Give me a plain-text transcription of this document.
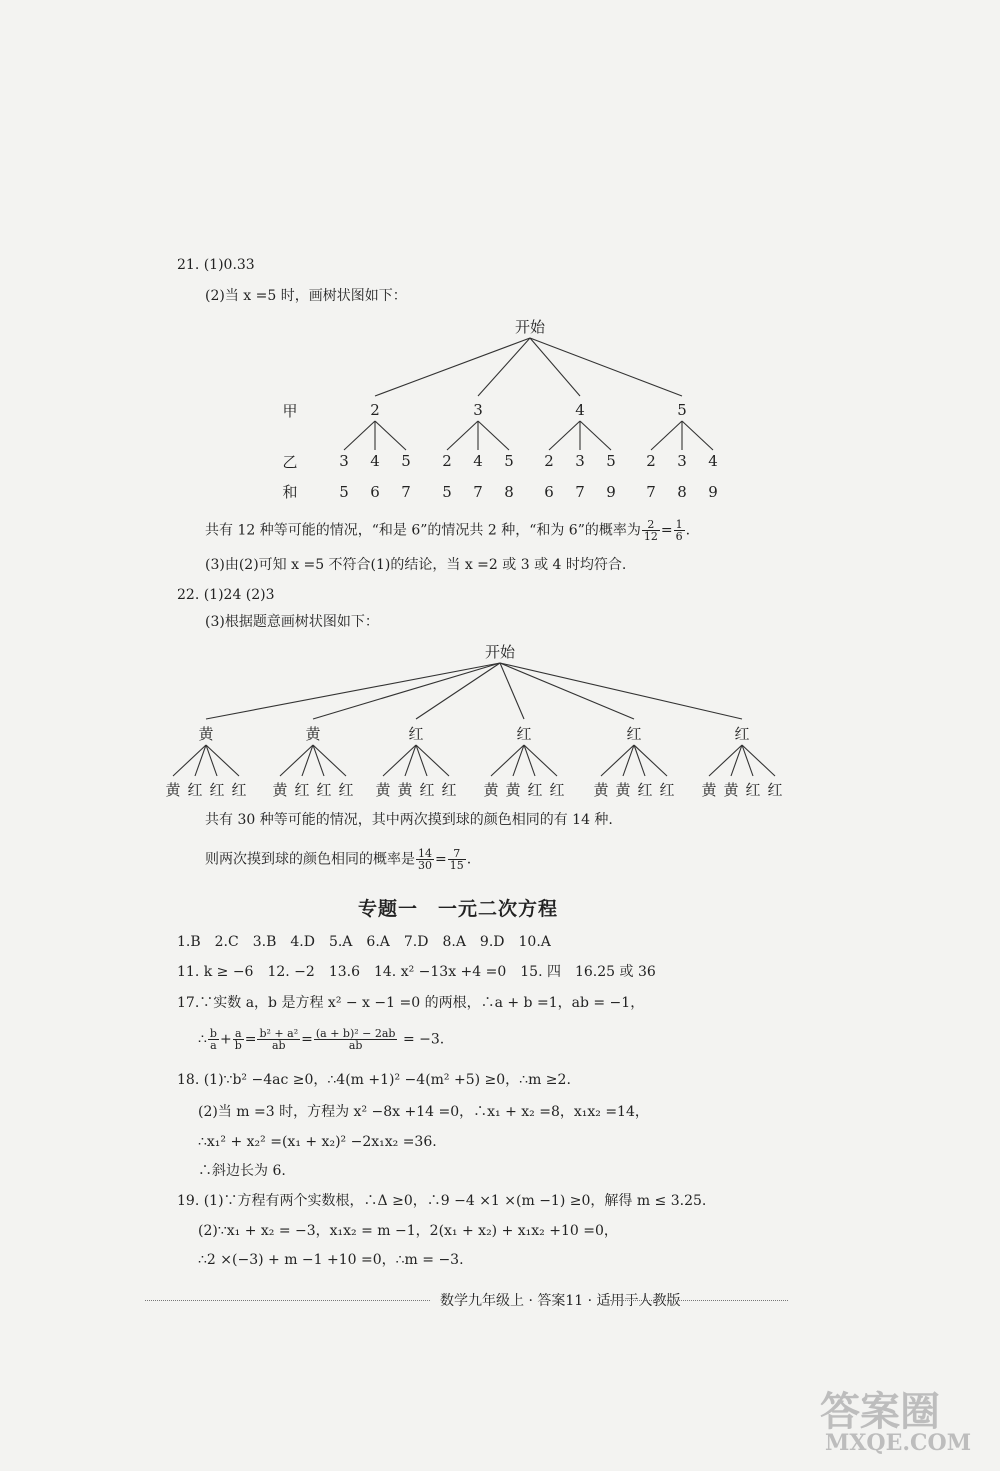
21. (1)0.33
(2)当 x =5 时，画树状图如下：
开始
甲
乙
和
2
3
5
4
6
5
7
3
2
5
4
7
5
8
4
2
6
3
7
5
9
5
2
7
3
8
4
9
共有 12 种等可能的情况，“和是 6”的情况共 2 种，“和为 6”的概率为 $\frac{2}{12} = \frac{1}{6}$ .
(3)由(2)可知 x =5 不符合(1)的结论，当 x =2 或 3 或 4 时均符合.
22. (1)24 (2)3
(3)根据题意画树状图如下：
开始
黄
黄 红 红 红
黄
黄 红 红 红
红
黄 黄 红 红
红
黄 黄 红 红
红
黄 黄 红 红
红
黄 黄 红 红
共有 30 种等可能的情况，其中两次摸到球的颜色相同的有 14 种.
则两次摸到球的颜色相同的概率是 $\frac{14}{30} = \frac{7}{15}$ .
专题一　一元二次方程
1.B　2.C　3.B　4.D　5.A　6.A　7.D　8.A　9.D　10.A
11. k ≥ −6　12. −2　13.6　14. x² −13x +4 =0　15. 四　16.25 或 36
17.∵实数 a，b 是方程 x² − x −1 =0 的两根，∴a + b =1，ab = −1，
∴ $\frac{b}{a} + \frac{a}{b} = \frac{\text{b² + a²}}{ab} = \frac{\text{(a + b)² − 2ab}}{ab} = -3$.
18. (1)∵b² −4ac ≥0，∴4(m +1)² −4(m² +5) ≥0，∴m ≥2.
(2)当 m =3 时，方程为 x² −8x +14 =0，∴x₁ + x₂ =8，x₁x₂ =14，
∴x₁² + x₂² =(x₁ + x₂)² −2x₁x₂ =36.
∴斜边长为 6.
19. (1)∵方程有两个实数根，∴Δ ≥0，∴9 −4 ×1 ×(m −1) ≥0，解得 m ≤ 3.25.
(2)∵x₁ + x₂ = −3，x₁x₂ = m −1，2(x₁ + x₂) + x₁x₂ +10 =0，
∴2 ×(−3) + m −1 +10 =0，∴m = −3.
数学九年级上 · 答案11 · 适用于人教版
答案圈
MXQE.COM
